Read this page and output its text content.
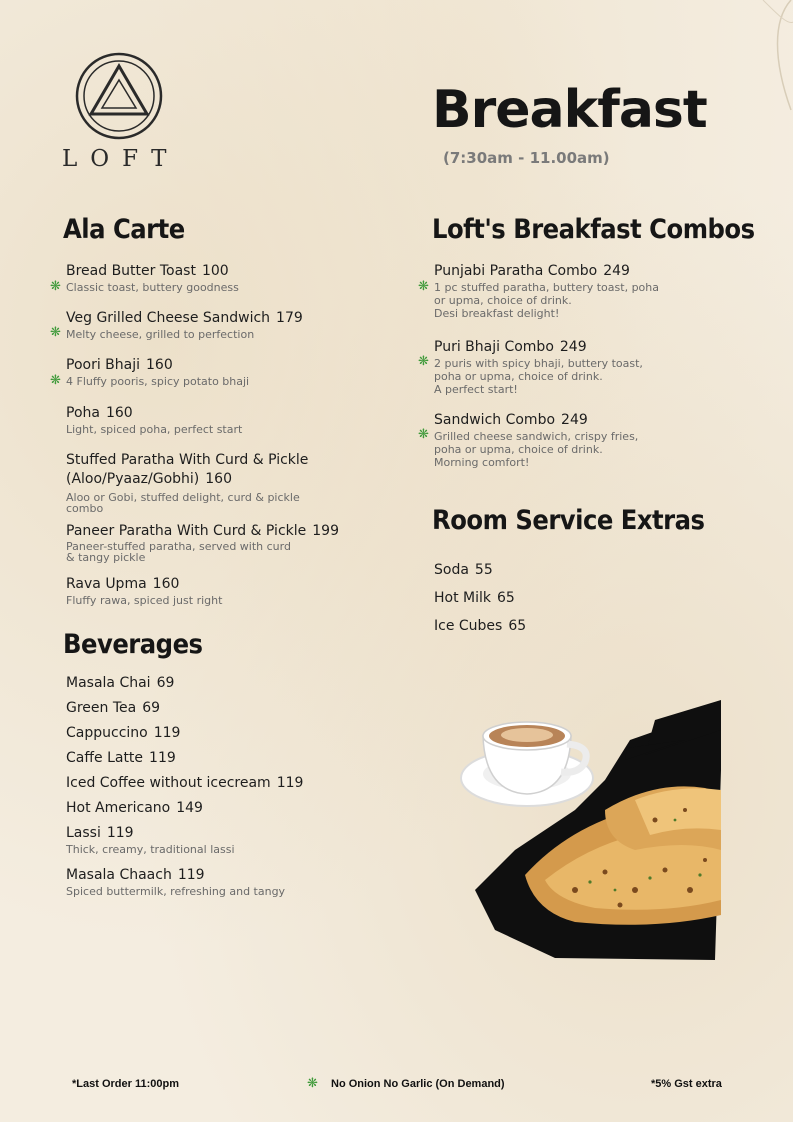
LOFT
Breakfast
(7:30am - 11.00am)
Ala Carte
Bread Butter Toast 100
Classic toast, buttery goodness
❋
Veg Grilled Cheese Sandwich 179
Melty cheese, grilled to perfection
❋
Poori Bhaji 160
4 Fluffy pooris, spicy potato bhaji
❋
Poha 160
Light, spiced poha, perfect start
Stuffed Paratha With Curd & Pickle
(Aloo/Pyaaz/Gobhi) 160
Aloo or Gobi, stuffed delight, curd & pickle
combo
Paneer Paratha With Curd & Pickle 199
Paneer-stuffed paratha, served with curd
& tangy pickle
Rava Upma 160
Fluffy rawa, spiced just right
Beverages
Masala Chai 69
Green Tea 69
Cappuccino 119
Caffe Latte 119
Iced Coffee without icecream 119
Hot Americano 149
Lassi 119
Thick, creamy, traditional lassi
Masala Chaach 119
Spiced buttermilk, refreshing and tangy
Loft's Breakfast Combos
Punjabi Paratha Combo 249
1 pc stuffed paratha, buttery toast, poha
or upma, choice of drink.
Desi breakfast delight!
❋
Puri Bhaji Combo 249
2 puris with spicy bhaji, buttery toast,
poha or upma, choice of drink.
A perfect start!
❋
Sandwich Combo 249
Grilled cheese sandwich, crispy fries,
poha or upma, choice of drink.
Morning comfort!
❋
Room Service Extras
Soda 55
Hot Milk 65
Ice Cubes 65
*Last Order 11:00pm	❋ No Onion No Garlic (On Demand)	*5% Gst extra
